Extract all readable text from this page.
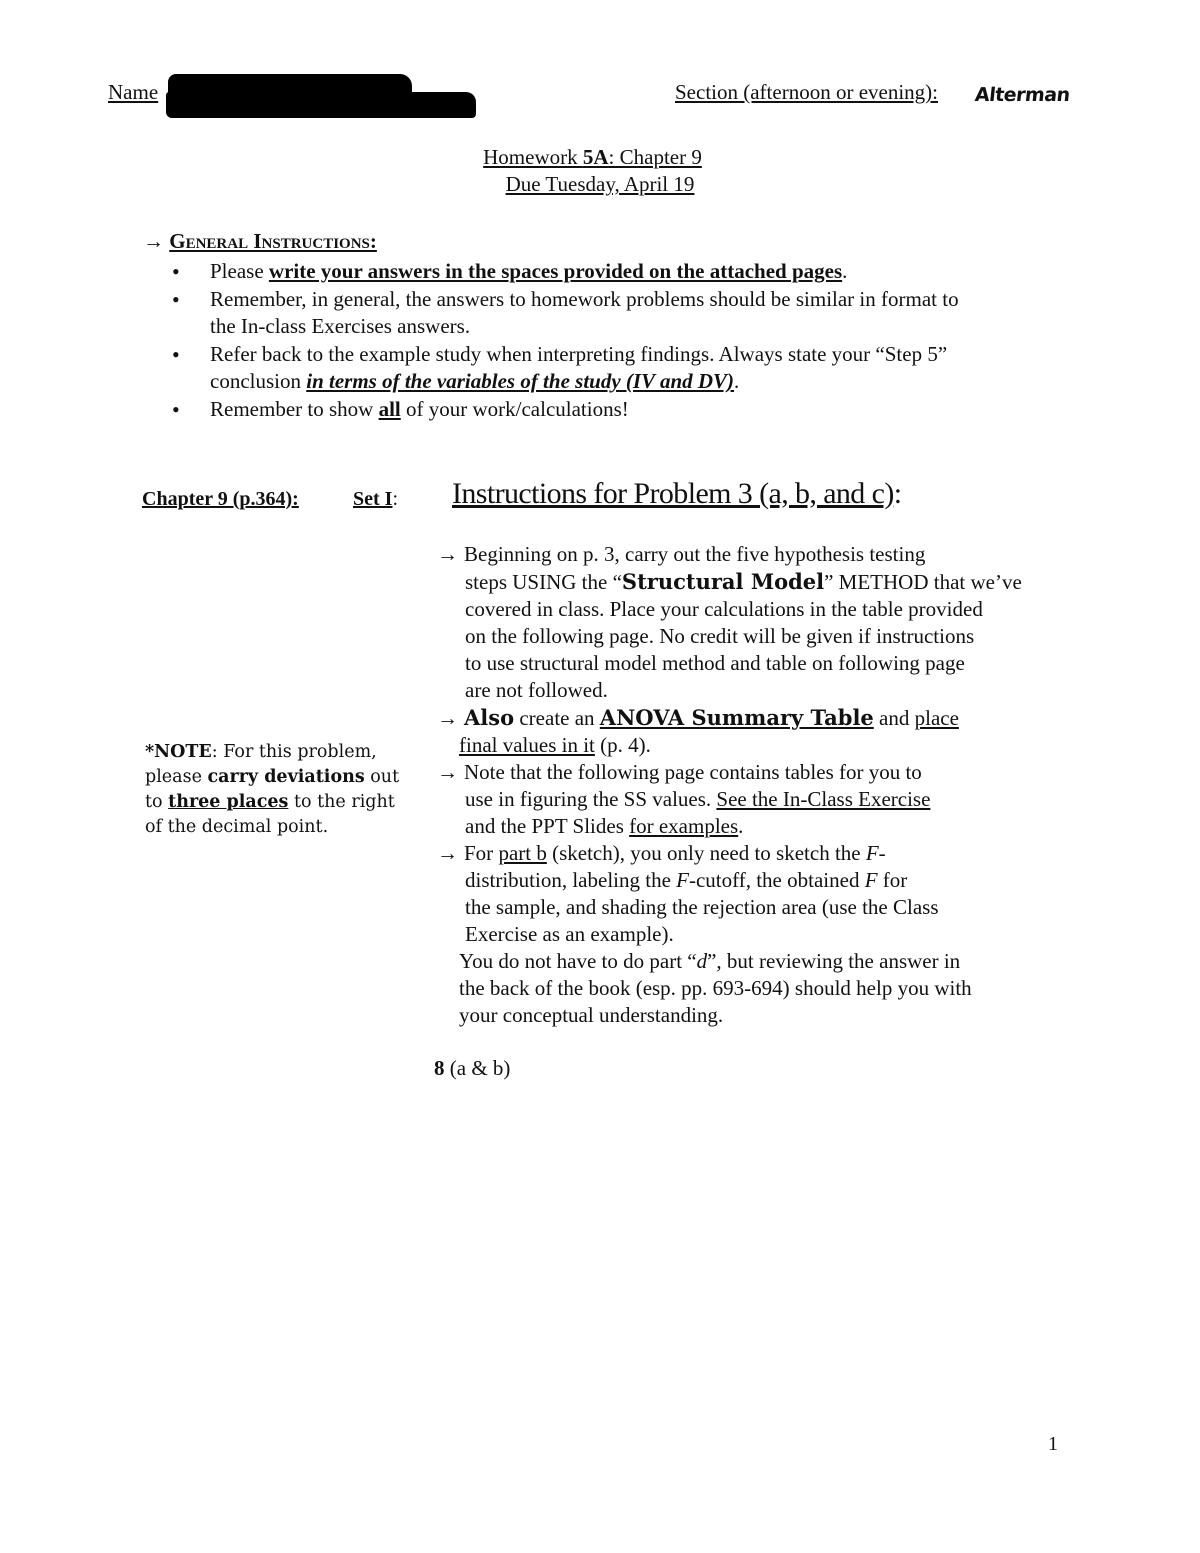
Name	Section (afternoon or evening): Alterman
Homework 5A: Chapter 9
Due Tuesday, April 19
→ General Instructions:
• Please write your answers in the spaces provided on the attached pages.
• Remember, in general, the answers to homework problems should be similar in format to
the In-class Exercises answers.
• Refer back to the example study when interpreting findings. Always state your “Step 5”
conclusion in terms of the variables of the study (IV and DV).
• Remember to show all of your work/calculations!
Chapter 9 (p.364):	Set I: Instructions for Problem 3 (a, b, and c):
→ Beginning on p. 3, carry out the five hypothesis testing
steps USING the “Structural Model” METHOD that we’ve
covered in class. Place your calculations in the table provided
on the following page. No credit will be given if instructions
to use structural model method and table on following page
are not followed.
→ Also create an ANOVA Summary Table and place
final values in it (p. 4).
→ Note that the following page contains tables for you to
use in figuring the SS values. See the In-Class Exercise
and the PPT Slides for examples.
→ For part b (sketch), you only need to sketch the F-
distribution, labeling the F-cutoff, the obtained F for
the sample, and shading the rejection area (use the Class
Exercise as an example).
You do not have to do part “d”, but reviewing the answer in
the back of the book (esp. pp. 693-694) should help you with
your conceptual understanding.
8 (a & b)
*NOTE: For this problem,
please carry deviations out
to three places to the right
of the decimal point.
1
